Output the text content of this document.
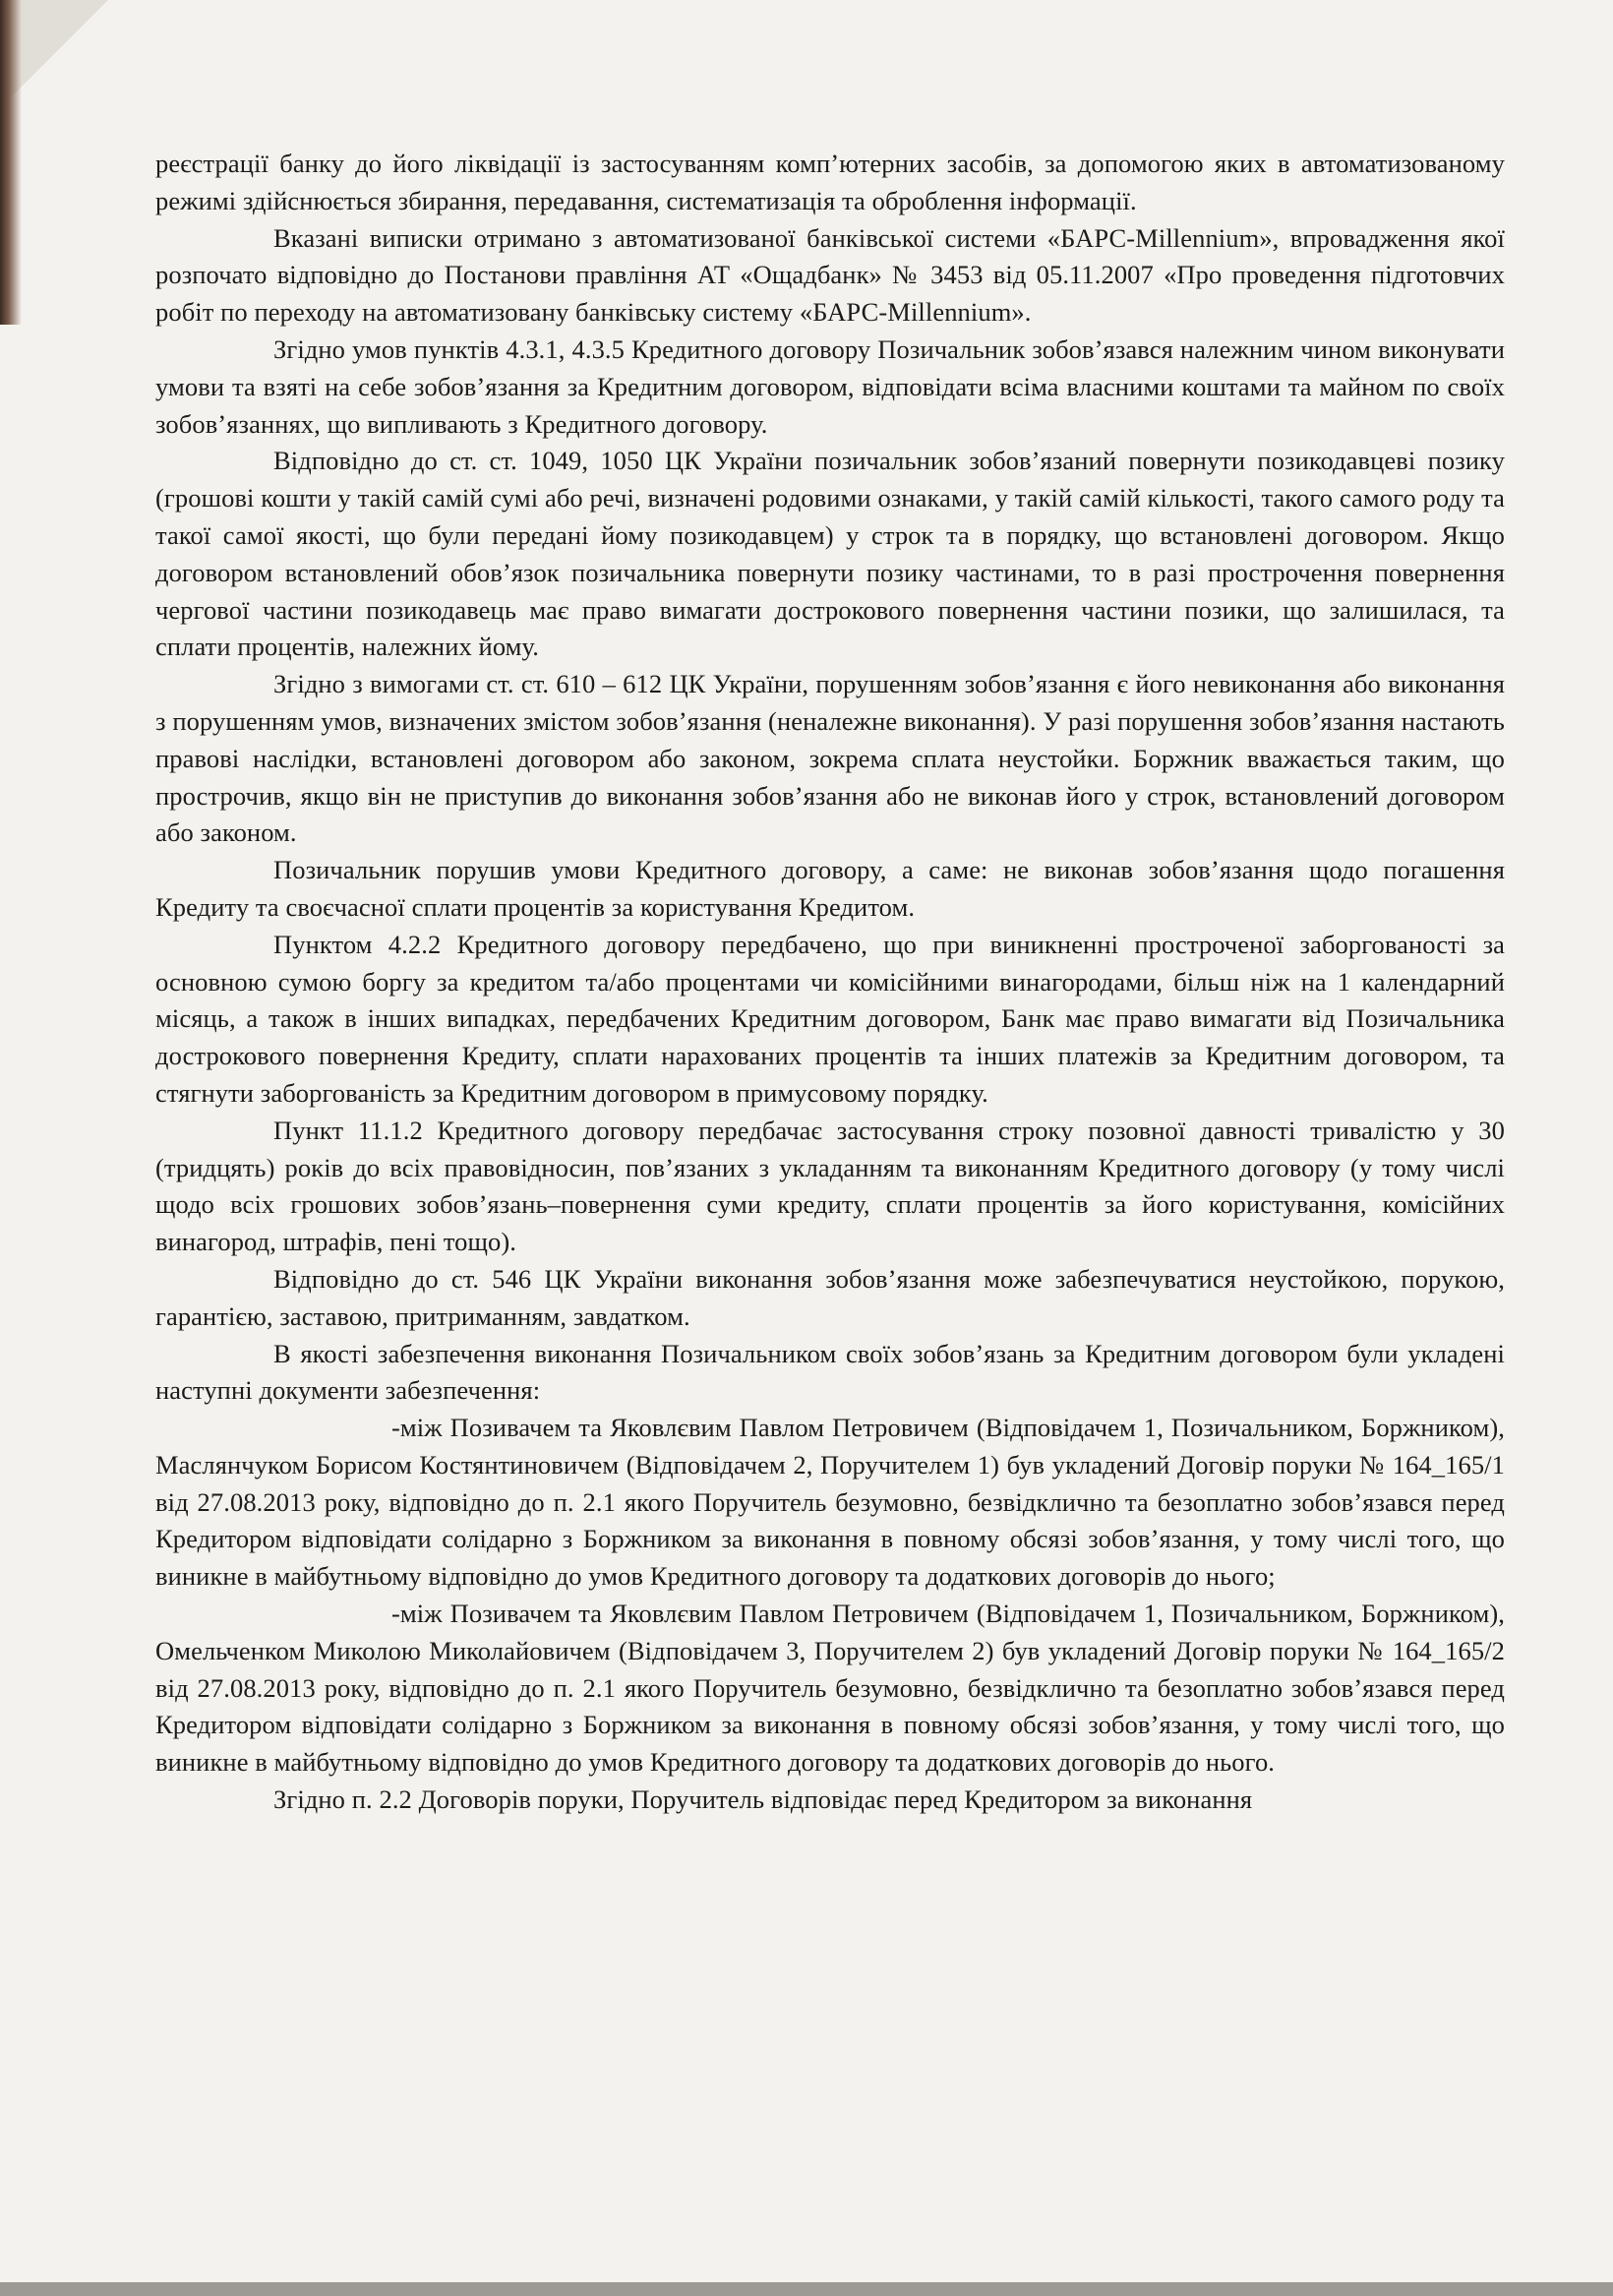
реєстрації банку до його ліквідації із застосуванням комп’ютерних засобів, за допомогою яких в автоматизованому режимі здійснюється збирання, передавання, систематизація та оброблення інформації.

Вказані виписки отримано з автоматизованої банківської системи «БАРС-Millennium», впровадження якої розпочато відповідно до Постанови правління АТ «Ощадбанк» № 3453 від 05.11.2007 «Про проведення підготовчих робіт по переходу на автоматизовану банківську систему «БАРС-Millennium».

Згідно умов пунктів 4.3.1, 4.3.5 Кредитного договору Позичальник зобов’язався належним чином виконувати умови та взяті на себе зобов’язання за Кредитним договором, відповідати всіма власними коштами та майном по своїх зобов’язаннях, що випливають з Кредитного договору.

Відповідно до ст. ст. 1049, 1050 ЦК України позичальник зобов’язаний повернути позикодавцеві позику (грошові кошти у такій самій сумі або речі, визначені родовими ознаками, у такій самій кількості, такого самого роду та такої самої якості, що були передані йому позикодавцем) у строк та в порядку, що встановлені договором. Якщо договором встановлений обов’язок позичальника повернути позику частинами, то в разі прострочення повернення чергової частини позикодавець має право вимагати дострокового повернення частини позики, що залишилася, та сплати процентів, належних йому.

Згідно з вимогами ст. ст. 610 – 612 ЦК України, порушенням зобов’язання є його невиконання або виконання з порушенням умов, визначених змістом зобов’язання (неналежне виконання). У разі порушення зобов’язання настають правові наслідки, встановлені договором або законом, зокрема сплата неустойки. Боржник вважається таким, що прострочив, якщо він не приступив до виконання зобов’язання або не виконав його у строк, встановлений договором або законом.

Позичальник порушив умови Кредитного договору, а саме: не виконав зобов’язання щодо погашення Кредиту та своєчасної сплати процентів за користування Кредитом.

Пунктом 4.2.2 Кредитного договору передбачено, що при виникненні простроченої заборгованості за основною сумою боргу за кредитом та/або процентами чи комісійними винагородами, більш ніж на 1 календарний місяць, а також в інших випадках, передбачених Кредитним договором, Банк має право вимагати від Позичальника дострокового повернення Кредиту, сплати нарахованих процентів та інших платежів за Кредитним договором, та стягнути заборгованість за Кредитним договором в примусовому порядку.

Пункт 11.1.2 Кредитного договору передбачає застосування строку позовної давності тривалістю у 30 (тридцять) років до всіх правовідносин, пов’язаних з укладанням та виконанням Кредитного договору (у тому числі щодо всіх грошових зобов’язань–повернення суми кредиту, сплати процентів за його користування, комісійних винагород, штрафів, пені тощо).

Відповідно до ст. 546 ЦК України виконання зобов’язання може забезпечуватися неустойкою, порукою, гарантією, заставою, притриманням, завдатком.

В якості забезпечення виконання Позичальником своїх зобов’язань за Кредитним договором були укладені наступні документи забезпечення:

-між Позивачем та Яковлєвим Павлом Петровичем (Відповідачем 1, Позичальником, Боржником), Маслянчуком Борисом Костянтиновичем (Відповідачем 2, Поручителем 1) був укладений Договір поруки № 164_165/1 від 27.08.2013 року, відповідно до п. 2.1 якого Поручитель безумовно, безвідклично та безоплатно зобов’язався перед Кредитором відповідати солідарно з Боржником за виконання в повному обсязі зобов’язання, у тому числі того, що виникне в майбутньому відповідно до умов Кредитного договору та додаткових договорів до нього;

-між Позивачем та Яковлєвим Павлом Петровичем (Відповідачем 1, Позичальником, Боржником), Омельченком Миколою Миколайовичем (Відповідачем 3, Поручителем 2) був укладений Договір поруки № 164_165/2 від 27.08.2013 року, відповідно до п. 2.1 якого Поручитель безумовно, безвідклично та безоплатно зобов’язався перед Кредитором відповідати солідарно з Боржником за виконання в повному обсязі зобов’язання, у тому числі того, що виникне в майбутньому відповідно до умов Кредитного договору та додаткових договорів до нього.

Згідно п. 2.2 Договорів поруки, Поручитель відповідає перед Кредитором за виконання
